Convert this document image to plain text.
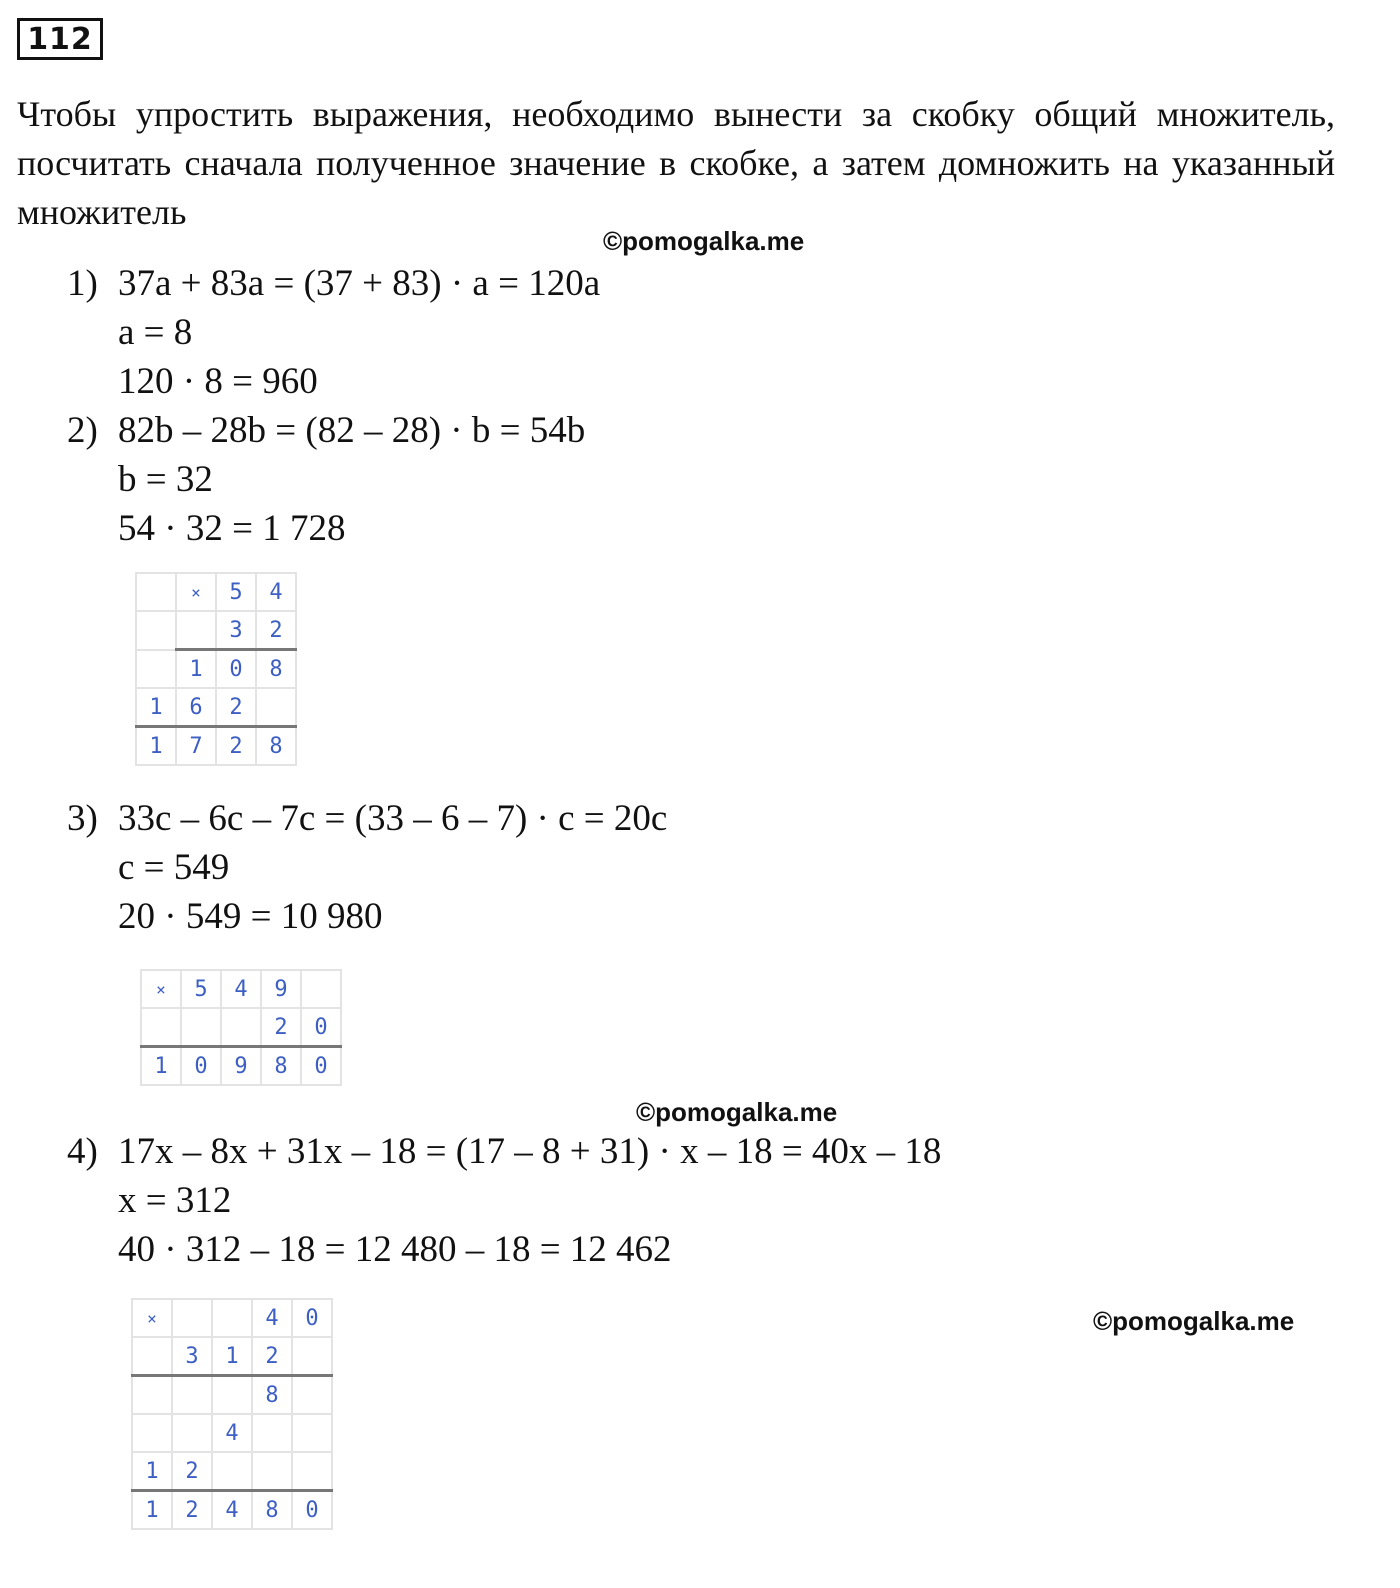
112

Чтобы упростить выражения, необходимо вынести за скобку общий множитель, посчитать сначала полученное значение в скобке, а затем домножить на указанный множитель

©pomogalka.me
©pomogalka.me
©pomogalka.me
1) 37a + 83a = (37 + 83) · a = 120a
a = 8
120 · 8 = 960
2) 82b – 28b = (82 – 28) · b = 54b
b = 32
54 · 32 = 1 728
	×	5	4
		3	2
	1	0	8
1	6	2	
1	7	2	8
3) 33c – 6c – 7c = (33 – 6 – 7) · c = 20c
c = 549
20 · 549 = 10 980
×	5	4	9	
			2	0
1	0	9	8	0
4) 17x – 8x + 31x – 18 = (17 – 8 + 31) · x – 18 = 40x – 18
x = 312
40 · 312 – 18 = 12 480 – 18 = 12 462
×			4	0
	3	1	2	
			8	
		4		
1	2			
1	2	4	8	0
